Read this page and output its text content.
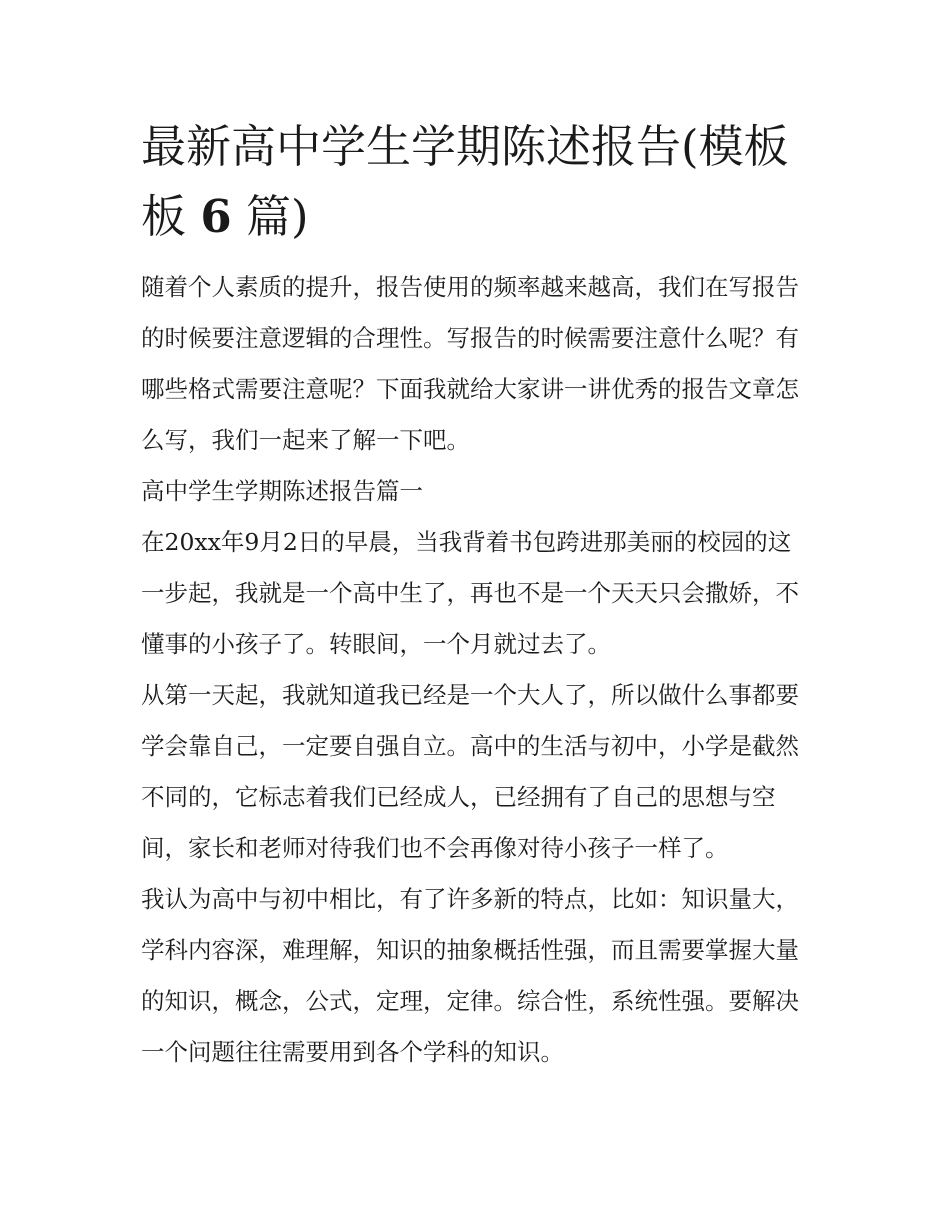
最新高中学生学期陈述报告(模板
板 6 篇)

随着个人素质的提升，报告使用的频率越来越高，我们在写报告的时候要注意逻辑的合理性。写报告的时候需要注意什么呢？有哪些格式需要注意呢？下面我就给大家讲一讲优秀的报告文章怎么写，我们一起来了解一下吧。

高中学生学期陈述报告篇一

在20xx年9月2日的早晨，当我背着书包跨进那美丽的校园的这一步起，我就是一个高中生了，再也不是一个天天只会撒娇，不懂事的小孩子了。转眼间，一个月就过去了。

从第一天起，我就知道我已经是一个大人了，所以做什么事都要学会靠自己，一定要自强自立。高中的生活与初中，小学是截然不同的，它标志着我们已经成人，已经拥有了自己的思想与空间，家长和老师对待我们也不会再像对待小孩子一样了。

我认为高中与初中相比，有了许多新的特点，比如：知识量大，学科内容深，难理解，知识的抽象概括性强，而且需要掌握大量的知识，概念，公式，定理，定律。综合性，系统性强。要解决一个问题往往需要用到各个学科的知识。
